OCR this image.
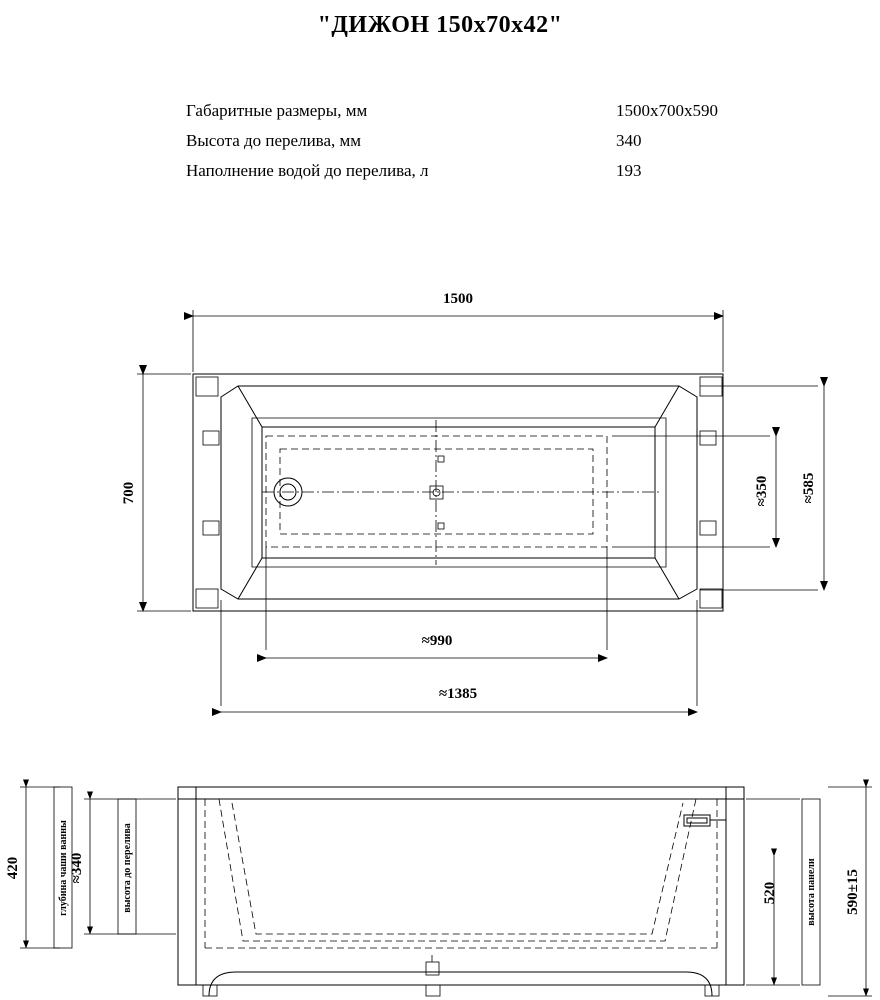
"ДИЖОН 150x70x42"
Габаритные размеры, мм	1500x700x590
Высота до перелива, мм	340
Наполнение водой до перелива, л	193
1500
700	≈350 ≈585
≈990
≈1385
420	глубина чаши ванны ≈340	высота до перелива	520	высота панели 590±15
